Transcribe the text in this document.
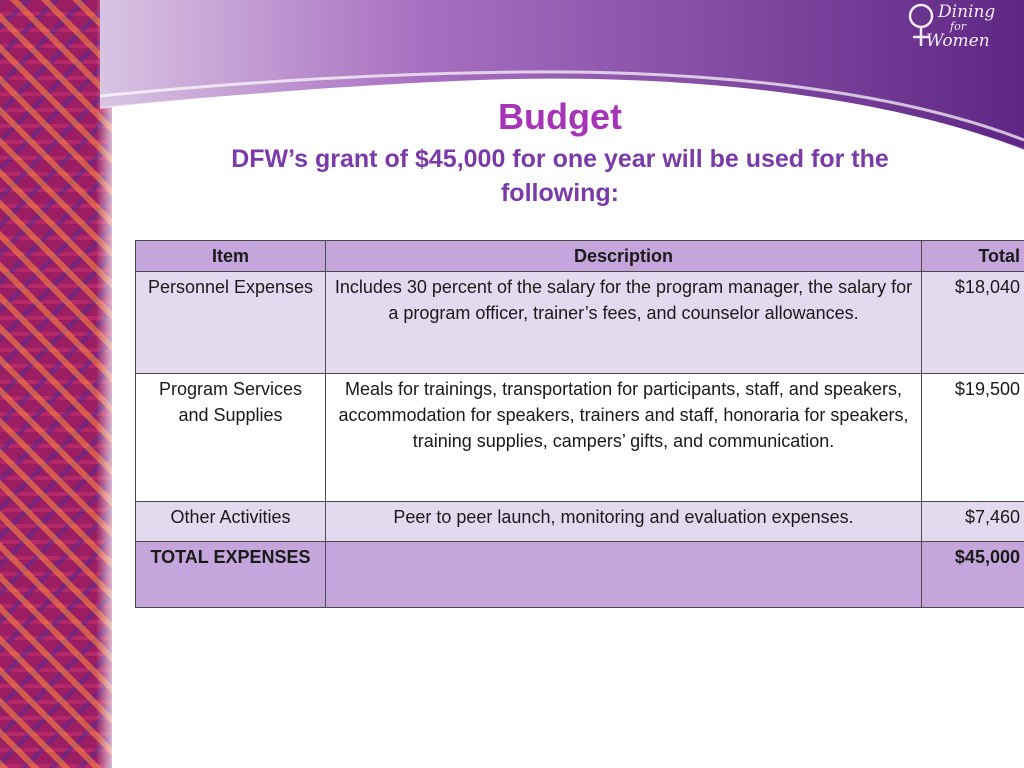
Dining
for
Women
Budget

DFW’s grant of $45,000 for one year will be used for the following:

Item	Description	Total
Personnel Expenses	Includes 30 percent of the salary for the program manager, the salary for a program officer, trainer’s fees, and counselor allowances.	$18,040
Program Services and Supplies	Meals for trainings, transportation for participants, staff, and speakers, accommodation for speakers, trainers and staff, honoraria for speakers, training supplies, campers’ gifts, and communication.	$19,500
Other Activities	Peer to peer launch, monitoring and evaluation expenses.	$7,460
TOTAL EXPENSES		$45,000
